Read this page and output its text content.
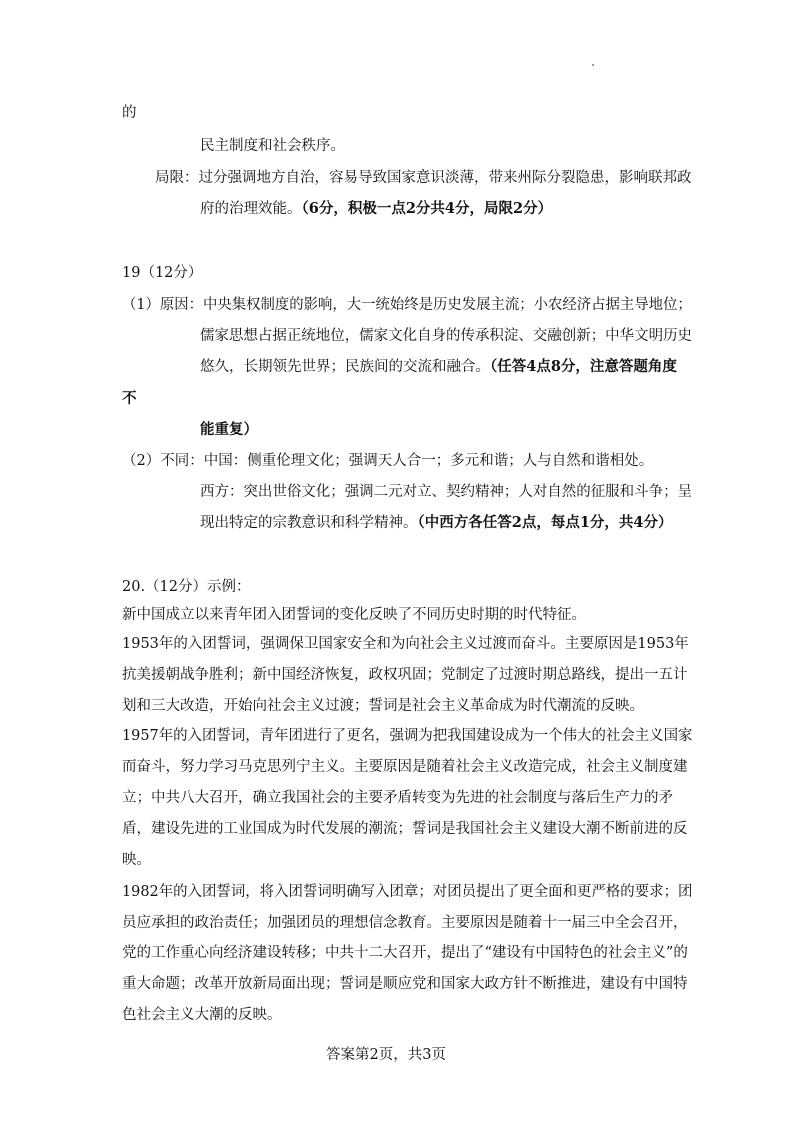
的
民主制度和社会秩序。
局限：过分强调地方自治，容易导致国家意识淡薄，带来州际分裂隐患，影响联邦政
府的治理效能。（6分，积极一点2分共4分，局限2分）
19（12分）
（1）原因：中央集权制度的影响，大一统始终是历史发展主流；小农经济占据主导地位；
儒家思想占据正统地位，儒家文化自身的传承积淀、交融创新；中华文明历史
悠久，长期领先世界；民族间的交流和融合。（任答4点8分，注意答题角度
不
能重复）
（2）不同：中国：侧重伦理文化；强调天人合一；多元和谐；人与自然和谐相处。
西方：突出世俗文化；强调二元对立、契约精神；人对自然的征服和斗争；呈
现出特定的宗教意识和科学精神。（中西方各任答2点，每点1分，共4分）
20.（12分）示例：
新中国成立以来青年团入团誓词的变化反映了不同历史时期的时代特征。
1953年的入团誓词，强调保卫国家安全和为向社会主义过渡而奋斗。主要原因是1953年
抗美援朝战争胜利；新中国经济恢复，政权巩固；党制定了过渡时期总路线，提出一五计
划和三大改造，开始向社会主义过渡；誓词是社会主义革命成为时代潮流的反映。
1957年的入团誓词，青年团进行了更名，强调为把我国建设成为一个伟大的社会主义国家
而奋斗，努力学习马克思列宁主义。主要原因是随着社会主义改造完成，社会主义制度建
立；中共八大召开，确立我国社会的主要矛盾转变为先进的社会制度与落后生产力的矛
盾，建设先进的工业国成为时代发展的潮流；誓词是我国社会主义建设大潮不断前进的反
映。
1982年的入团誓词，将入团誓词明确写入团章；对团员提出了更全面和更严格的要求；团
员应承担的政治责任；加强团员的理想信念教育。主要原因是随着十一届三中全会召开，
党的工作重心向经济建设转移；中共十二大召开，提出了“建设有中国特色的社会主义”的
重大命题；改革开放新局面出现；誓词是顺应党和国家大政方针不断推进，建设有中国特
色社会主义大潮的反映。
答案第2页，共3页
